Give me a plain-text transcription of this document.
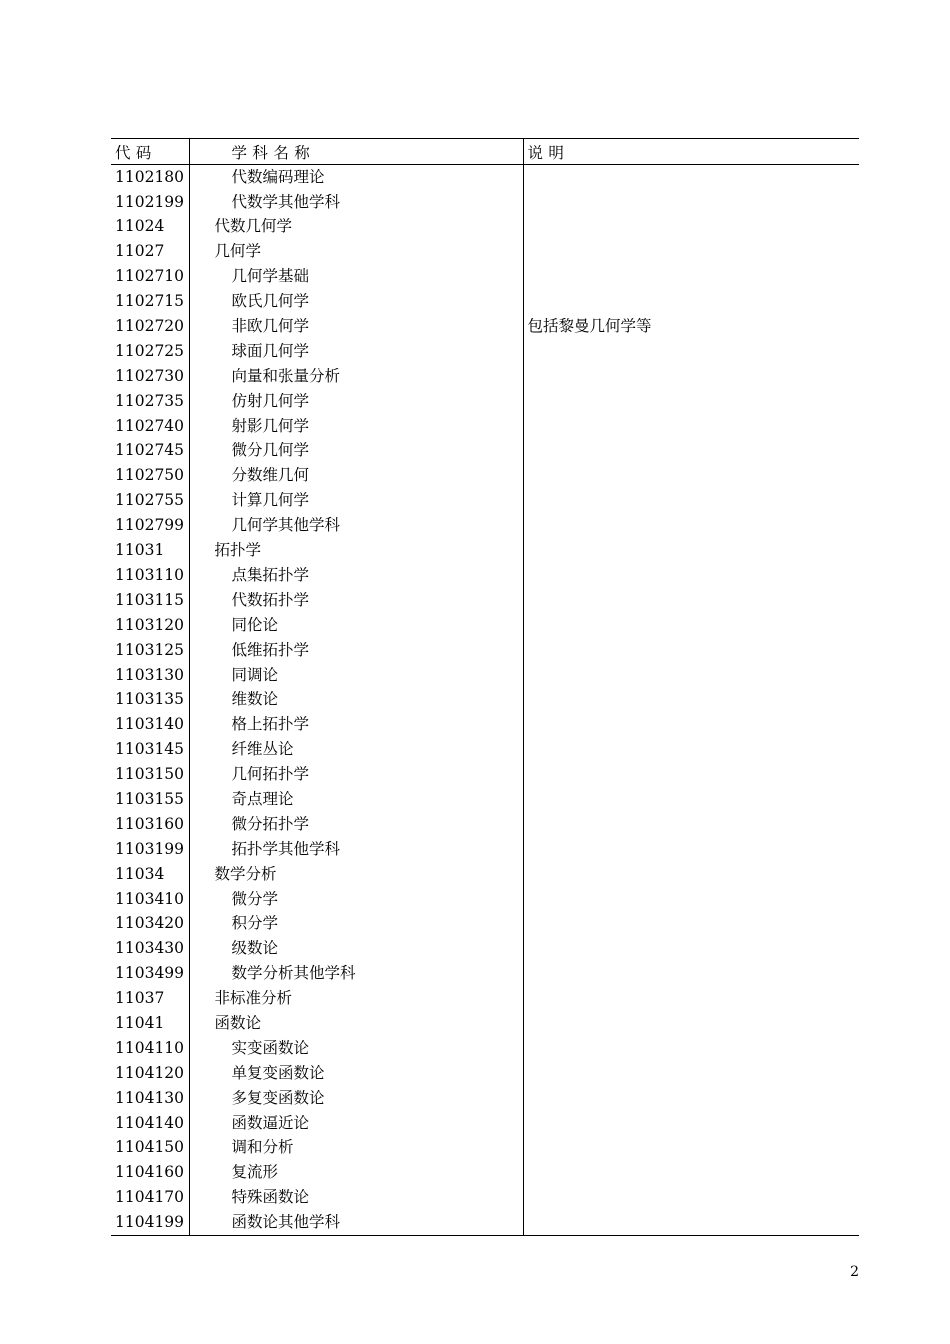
代码	学科名称	说明
1102180	代数编码理论	
1102199	代数学其他学科	
11024	代数几何学	
11027	几何学	
1102710	几何学基础	
1102715	欧氏几何学	
1102720	非欧几何学	包括黎曼几何学等
1102725	球面几何学	
1102730	向量和张量分析	
1102735	仿射几何学	
1102740	射影几何学	
1102745	微分几何学	
1102750	分数维几何	
1102755	计算几何学	
1102799	几何学其他学科	
11031	拓扑学	
1103110	点集拓扑学	
1103115	代数拓扑学	
1103120	同伦论	
1103125	低维拓扑学	
1103130	同调论	
1103135	维数论	
1103140	格上拓扑学	
1103145	纤维丛论	
1103150	几何拓扑学	
1103155	奇点理论	
1103160	微分拓扑学	
1103199	拓扑学其他学科	
11034	数学分析	
1103410	微分学	
1103420	积分学	
1103430	级数论	
1103499	数学分析其他学科	
11037	非标准分析	
11041	函数论	
1104110	实变函数论	
1104120	单复变函数论	
1104130	多复变函数论	
1104140	函数逼近论	
1104150	调和分析	
1104160	复流形	
1104170	特殊函数论	
1104199	函数论其他学科	
2
